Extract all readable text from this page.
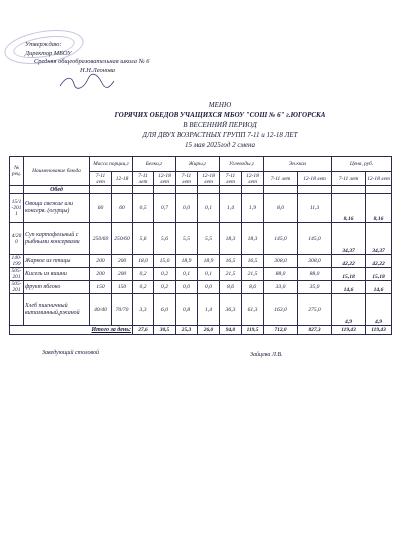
Утверждаю:
Директор МБОУ
Средняя общеобразовательная школа № 6
Н.Н.Леонова
МЕНЮ
ГОРЯЧИХ ОБЕДОВ УЧАЩИХСЯ МБОУ "СОШ № 6" г.ЮГОРСКА
В ВЕСЕННИЙ ПЕРИОД
ДЛЯ ДВУХ ВОЗРАСТНЫХ ГРУПП 7-11 и 12-18 ЛЕТ
15 мая 2025год 2 смена
№ рец.	Наименование блюда	Масса порции,г		Белки,г		Жиры,г		Углеводы,г		Эн.ккал		Цена, руб.	
		7-11 лет	12-18	7-11 лет	12-18 лет	7-11 лет	12-18 лет	7-11 лет	12-18 лет	7-11 лет	12-18 лет	7-11 лет	12-18 лет
	Обед												
15/1-2011	Овощи свежие или консерв. (огурцы)	60	60	0,5	0,7	0,0	0,1	1,4	1,9	8,0	11,3	8,16	8,16
4/200	Суп картофельный с рыбными консервами	250/60	250/60	5,6	5,6	5,5	5,5	18,3	18,3	145,0	145,0	34,37	34,37
140-199	Жаркое из птицы	200	200	18,0	15,0	18,9	18,9	16,5	16,5	308,0	308,0	42,22	42,22
505-201	Кисель из вишни	200	200	0,2	0,2	0,1	0,1	21,5	21,5	88,0	88,0	15,18	15,18
505-201	фрукт яблоко	150	150	0,2	0,2	0,0	0,0	8,6	8,6	33,0	35,0	14,6	14,6
	Хлеб пшеничный витаминный,ржаной	40/40	70/70	3,3	6,0	0,8	1,4	36,3	61,3	163,0	275,0	4,9	4,9
Итого за день:				27,6	30,5	25,3	26,0	94,0	119,5	712,0	827,3	119,43	119,43
Заведующий столовой	Зайцева Л.В.
